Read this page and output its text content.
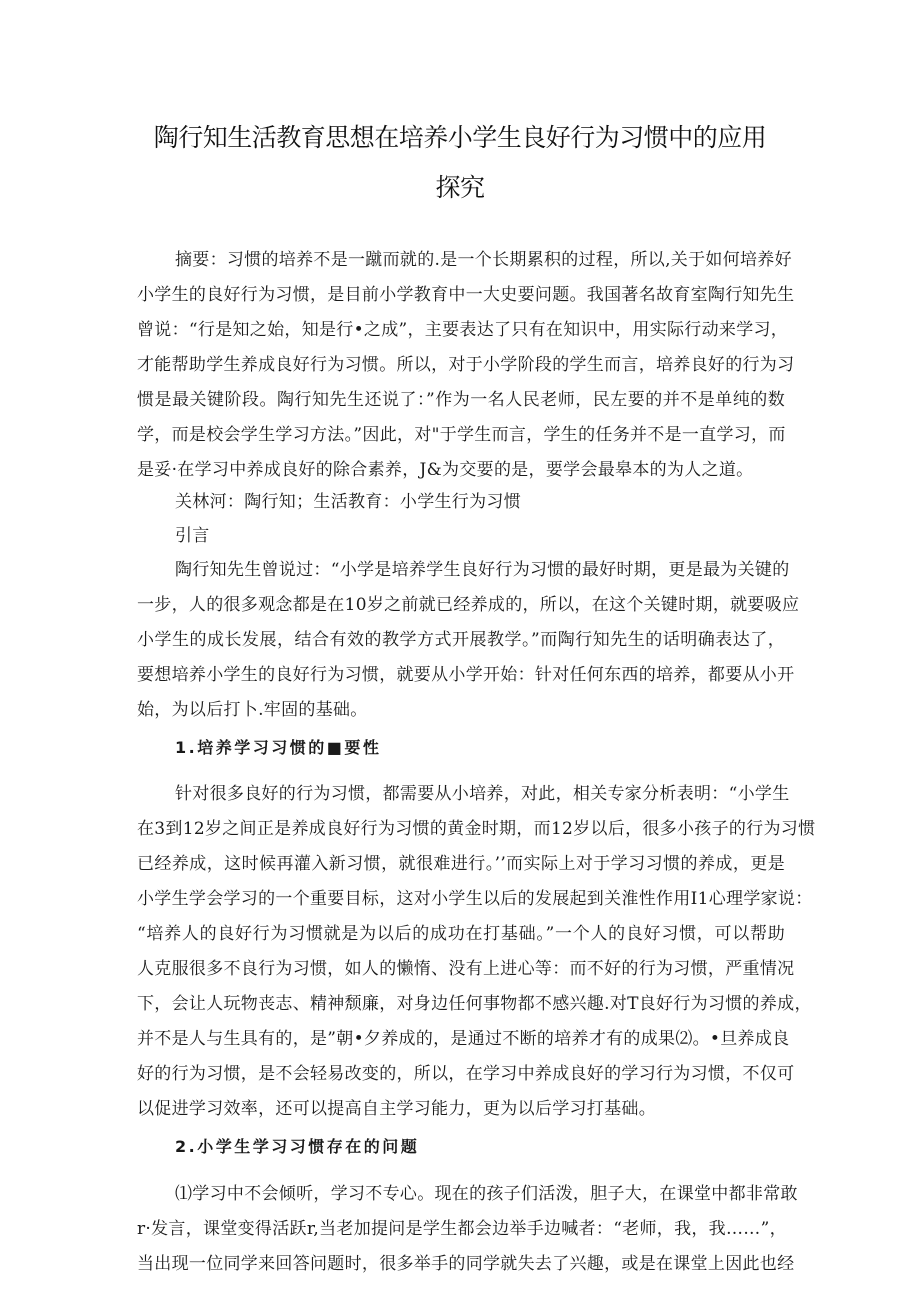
陶行知生活教育思想在培养小学生良好行为习惯中的应用
探究

摘要：习惯的培养不是一蹴而就的.是一个长期累积的过程，所以,关于如何培养好

小学生的良好行为习惯，是目前小学教育中一大史要问题。我国著名故育室陶行知先生

曾说：“行是知之始，知是行•之成”，主要表达了只有在知识中，用实际行动来学习，

才能帮助学生养成良好行为习惯。所以，对于小学阶段的学生而言，培养良好的行为习

惯是最关键阶段。陶行知先生还说了：”作为一名人民老师，民左要的并不是单纯的数

学，而是校会学生学习方法。”因此，对"于学生而言，学生的任务并不是一直学习，而

是妥·在学习中养成良好的除合素养，J&为交要的是，要学会最皋本的为人之道。

关林河：陶行知；生活教育：小学生行为习惯

引言

陶行知先生曾说过：“小学是培养学生良好行为习惯的最好时期，更是最为关键的

一步，人的很多观念都是在10岁之前就已经养成的，所以，在这个关键时期，就要吸应

小学生的成长发展，结合有效的教学方式开展教学。”而陶行知先生的话明确表达了，

要想培养小学生的良好行为习惯，就要从小学开始：针对任何东西的培养，都要从小开

始，为以后打卜.牢固的基础。

1.培养学习习惯的■要性

针对很多良好的行为习惯，都需要从小培养，对此，相关专家分析表明：“小学生

在3到12岁之间正是养成良好行为习惯的黄金时期，而12岁以后，很多小孩子的行为习惯

已经养成，这时候再灌入新习惯，就很难进行。’’而实际上对于学习习惯的养成，更是

小学生学会学习的一个重要目标，这对小学生以后的发展起到关淮性作用I1心理学家说：

“培养人的良好行为习惯就是为以后的成功在打基础。”一个人的良好习惯，可以帮助

人克服很多不良行为习惯，如人的懒惰、没有上进心等：而不好的行为习惯，严重情况

下，会让人玩物丧志、精神颓廉，对身边任何事物都不感兴趣.对T良好行为习惯的养成，

并不是人与生具有的，是”朝•夕养成的，是通过不断的培养才有的成果⑵。•旦养成良

好的行为习惯，是不会轻易改变的，所以，在学习中养成良好的学习行为习惯，不仅可

以促进学习效率，还可以提高自主学习能力，更为以后学习打基础。

2.小学生学习习惯存在的问题

⑴学习中不会倾听，学习不专心。现在的孩子们活泼，胆子大，在课堂中都非常敢

r·发言，课堂变得活跃r,当老加提问是学生都会边举手边喊者：“老师，我，我……”，

当出现一位同学来回答问题时，很多举手的同学就失去了兴趣，或是在课堂上因此也经
